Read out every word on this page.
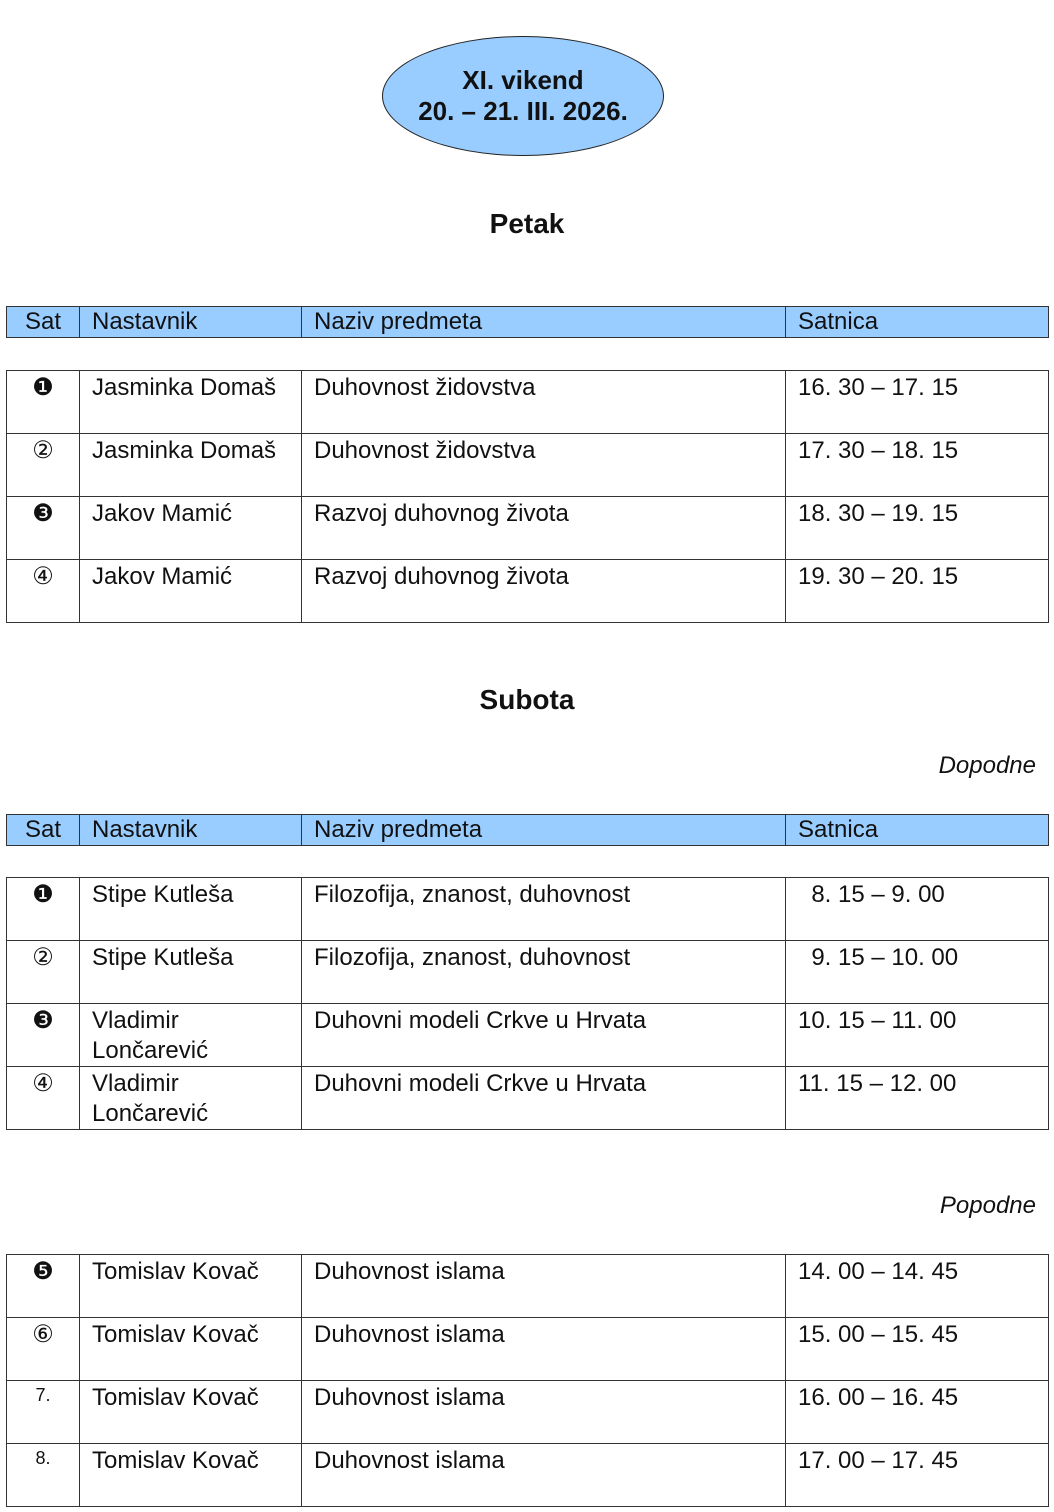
XI. vikend
20. – 21. III. 2026.
Petak
Sat	Nastavnik	Naziv predmeta	Satnica
❶	Jasminka Domaš	Duhovnost židovstva	16. 30 – 17. 15
②	Jasminka Domaš	Duhovnost židovstva	17. 30 – 18. 15
❸	Jakov Mamić	Razvoj duhovnog života	18. 30 – 19. 15
④	Jakov Mamić	Razvoj duhovnog života	19. 30 – 20. 15
Subota
Dopodne
Sat	Nastavnik	Naziv predmeta	Satnica
❶	Stipe Kutleša	Filozofija, znanost, duhovnost	8. 15 – 9. 00
②	Stipe Kutleša	Filozofija, znanost, duhovnost	9. 15 – 10. 00
❸	Vladimir Lončarević	Duhovni modeli Crkve u Hrvata	10. 15 – 11. 00
④	Vladimir Lončarević	Duhovni modeli Crkve u Hrvata	11. 15 – 12. 00
Popodne
❺	Tomislav Kovač	Duhovnost islama	14. 00 – 14. 45
⑥	Tomislav Kovač	Duhovnost islama	15. 00 – 15. 45
7.	Tomislav Kovač	Duhovnost islama	16. 00 – 16. 45
8.	Tomislav Kovač	Duhovnost islama	17. 00 – 17. 45
